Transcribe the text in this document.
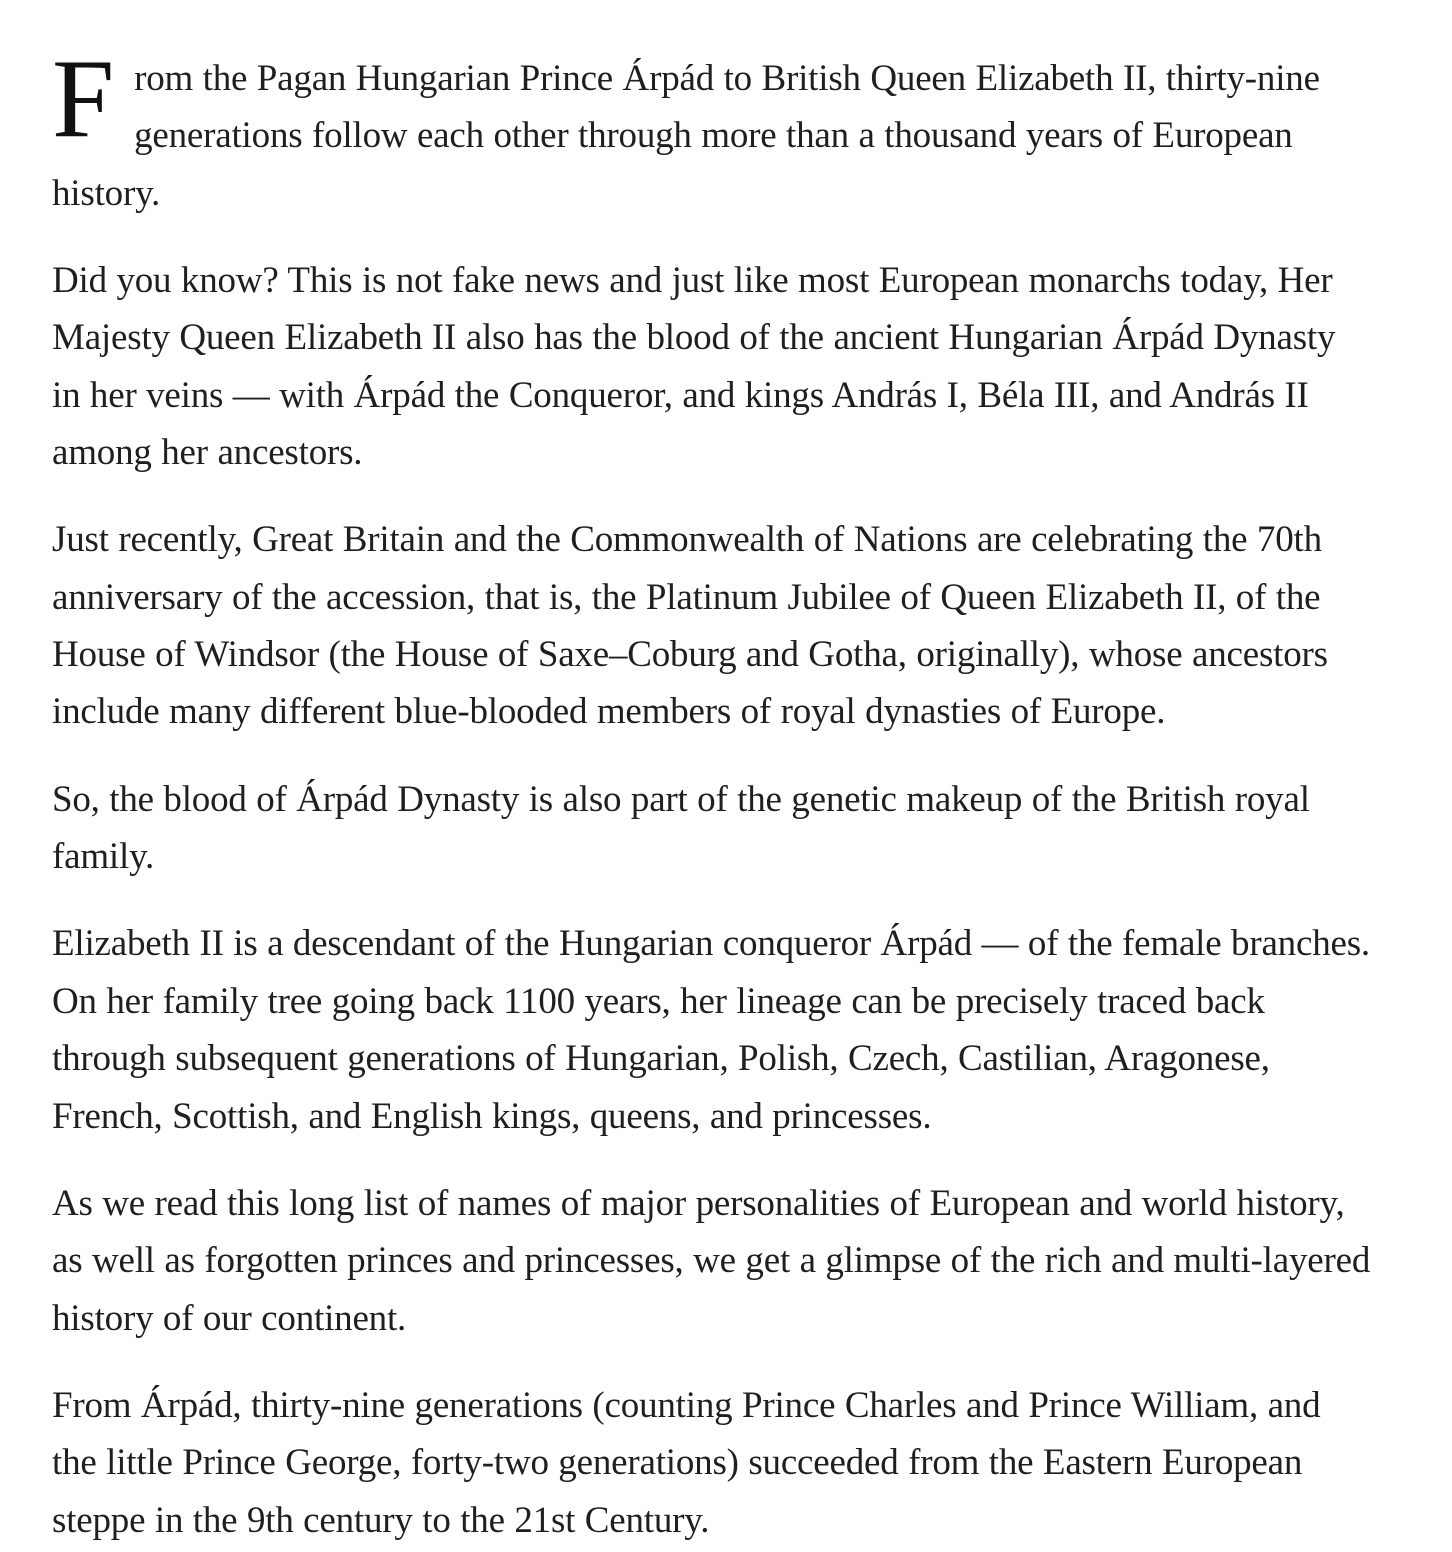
From the Pagan Hungarian Prince Árpád to British Queen Elizabeth II, thirty-nine generations follow each other through more than a thousand years of European history.

Did you know? This is not fake news and just like most European monarchs today, Her Majesty Queen Elizabeth II also has the blood of the ancient Hungarian Árpád Dynasty in her veins — with Árpád the Conqueror, and kings András I, Béla III, and András II among her ancestors.

Just recently, Great Britain and the Commonwealth of Nations are celebrating the 70th anniversary of the accession, that is, the Platinum Jubilee of Queen Elizabeth II, of the House of Windsor (the House of Saxe–Coburg and Gotha, originally), whose ancestors include many different blue-blooded members of royal dynasties of Europe.

So, the blood of Árpád Dynasty is also part of the genetic makeup of the British royal family.

Elizabeth II is a descendant of the Hungarian conqueror Árpád — of the female branches. On her family tree going back 1100 years, her lineage can be precisely traced back through subsequent generations of Hungarian, Polish, Czech, Castilian, Aragonese, French, Scottish, and English kings, queens, and princesses.

As we read this long list of names of major personalities of European and world history, as well as forgotten princes and princesses, we get a glimpse of the rich and multi-layered history of our continent.

From Árpád, thirty-nine generations (counting Prince Charles and Prince William, and the little Prince George, forty-two generations) succeeded from the Eastern European steppe in the 9th century to the 21st Century.
